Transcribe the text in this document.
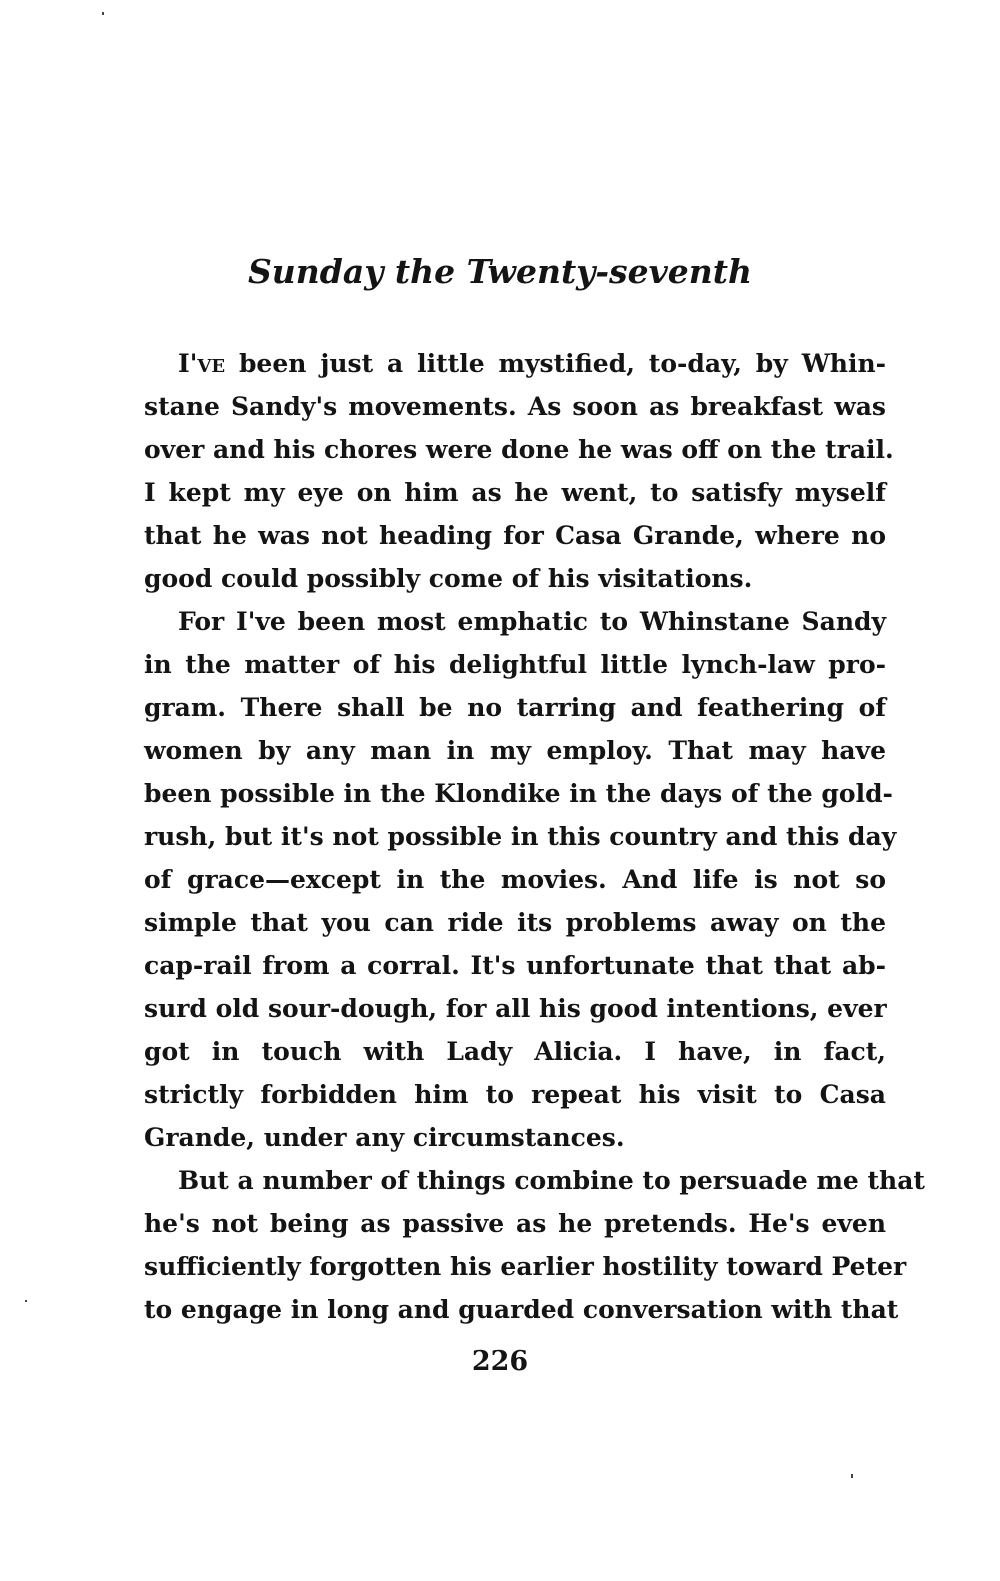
Sunday the Twenty-seventh
I've been just a little mystified, to-day, by Whin-
stane Sandy's movements. As soon as breakfast was
over and his chores were done he was off on the trail.
I kept my eye on him as he went, to satisfy myself
that he was not heading for Casa Grande, where no
good could possibly come of his visitations.
For I've been most emphatic to Whinstane Sandy
in the matter of his delightful little lynch-law pro-
gram. There shall be no tarring and feathering of
women by any man in my employ. That may have
been possible in the Klondike in the days of the gold-
rush, but it's not possible in this country and this day
of grace—except in the movies. And life is not so
simple that you can ride its problems away on the
cap-rail from a corral. It's unfortunate that that ab-
surd old sour-dough, for all his good intentions, ever
got in touch with Lady Alicia. I have, in fact,
strictly forbidden him to repeat his visit to Casa
Grande, under any circumstances.
But a number of things combine to persuade me that
he's not being as passive as he pretends. He's even
sufficiently forgotten his earlier hostility toward Peter
to engage in long and guarded conversation with that
226
